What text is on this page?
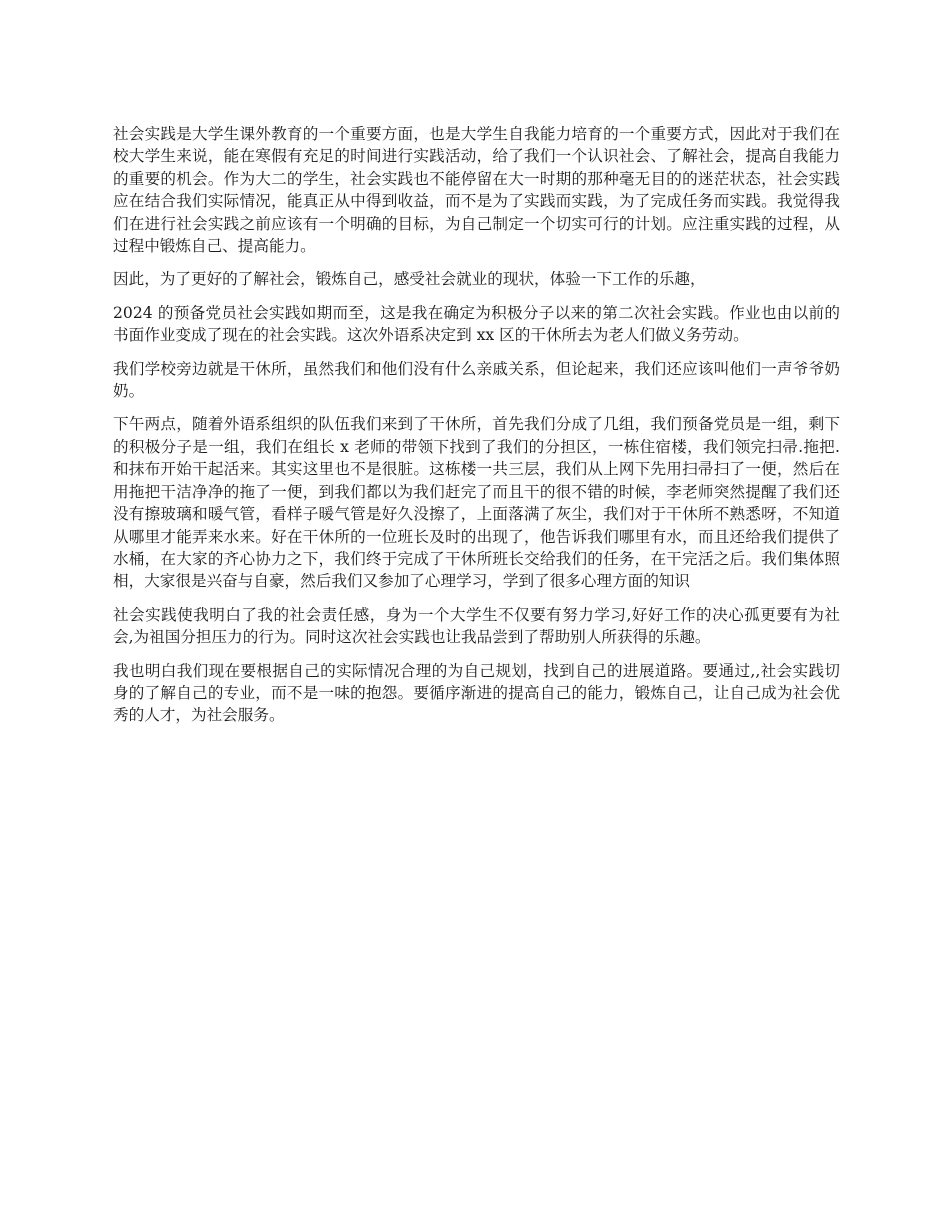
社会实践是大学生课外教育的一个重要方面，也是大学生自我能力培育的一个重要方式，因此对于我们在校大学生来说，能在寒假有充足的时间进行实践活动，给了我们一个认识社会、了解社会，提高自我能力的重要的机会。作为大二的学生，社会实践也不能停留在大一时期的那种毫无目的的迷茫状态，社会实践应在结合我们实际情况，能真正从中得到收益，而不是为了实践而实践，为了完成任务而实践。我觉得我们在进行社会实践之前应该有一个明确的目标，为自己制定一个切实可行的计划。应注重实践的过程，从过程中锻炼自己、提高能力。

因此，为了更好的了解社会，锻炼自己，感受社会就业的现状，体验一下工作的乐趣，

2024 的预备党员社会实践如期而至，这是我在确定为积极分子以来的第二次社会实践。作业也由以前的书面作业变成了现在的社会实践。这次外语系决定到 xx 区的干休所去为老人们做义务劳动。

我们学校旁边就是干休所，虽然我们和他们没有什么亲戚关系，但论起来，我们还应该叫他们一声爷爷奶奶。

下午两点，随着外语系组织的队伍我们来到了干休所，首先我们分成了几组，我们预备党员是一组，剩下的积极分子是一组，我们在组长 x 老师的带领下找到了我们的分担区，一栋住宿楼，我们领完扫帚.拖把.和抹布开始干起活来。其实这里也不是很脏。这栋楼一共三层，我们从上网下先用扫帚扫了一便，然后在用拖把干洁净净的拖了一便，到我们都以为我们赶完了而且干的很不错的时候，李老师突然提醒了我们还没有擦玻璃和暖气管，看样子暖气管是好久没擦了，上面落满了灰尘，我们对于干休所不熟悉呀，不知道从哪里才能弄来水来。好在干休所的一位班长及时的出现了，他告诉我们哪里有水，而且还给我们提供了水桶，在大家的齐心协力之下，我们终于完成了干休所班长交给我们的任务，在干完活之后。我们集体照相，大家很是兴奋与自豪，然后我们又参加了心理学习，学到了很多心理方面的知识

社会实践使我明白了我的社会责任感，身为一个大学生不仅要有努力学习,好好工作的决心孤更要有为社会,为祖国分担压力的行为。同时这次社会实践也让我品尝到了帮助别人所获得的乐趣。

我也明白我们现在要根据自己的实际情况合理的为自己规划，找到自己的进展道路。要通过,,社会实践切身的了解自己的专业，而不是一味的抱怨。要循序渐进的提高自己的能力，锻炼自己，让自己成为社会优秀的人才，为社会服务。
